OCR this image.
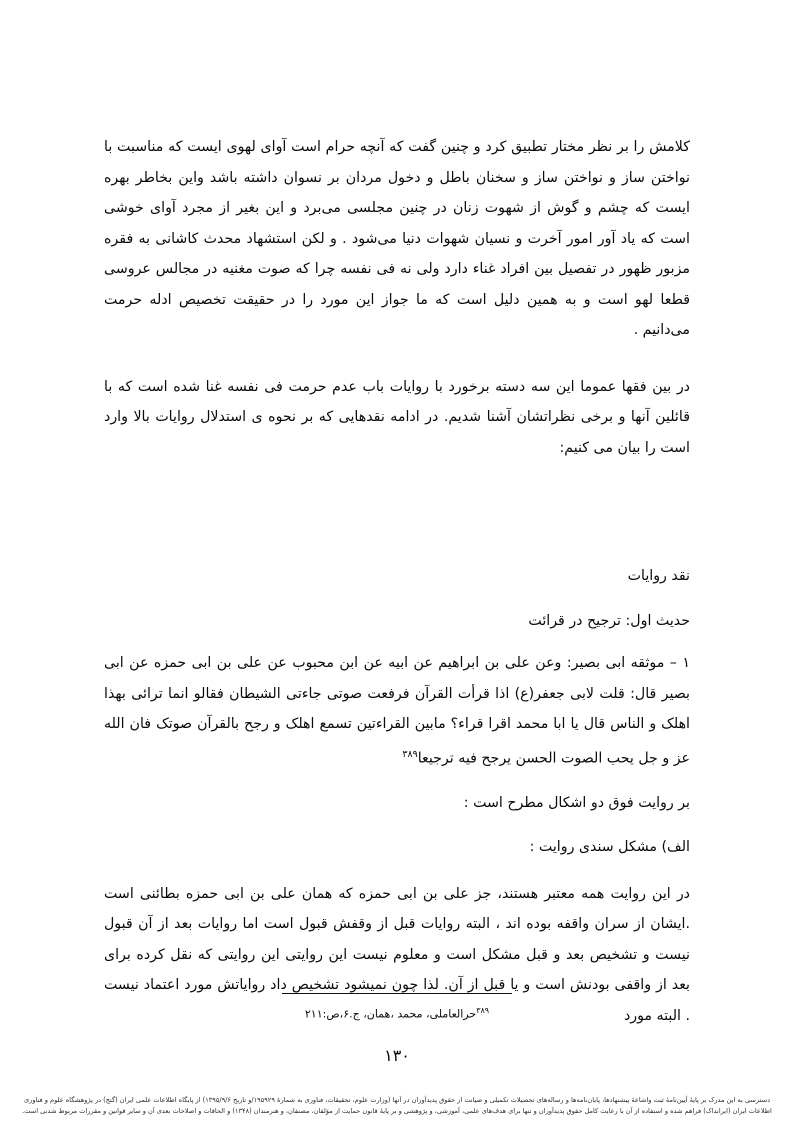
کلامش را بر نظر مختار تطبیق کرد و چنین گفت که آنچه حرام است آوای لهوی ایست که مناسبت با نواختن ساز و نواختن ساز و سخنان باطل و دخول مردان بر نسوان داشته باشد واین بخاطر بهره ایست که چشم و گوش از شهوت زنان در چنین مجلسی می‌برد و این بغیر از مجرد آوای خوشی است که یاد آور امور آخرت و نسیان شهوات دنیا می‌شود . و لکن استشهاد محدث کاشانی به فقره مزبور ظهور در تفصیل بین افراد غناء دارد ولی نه فی نفسه چرا که صوت مغنیه در مجالس عروسی قطعا لهو است و به همین دلیل است که ما جواز این مورد را در حقیقت تخصیص ادله حرمت می‌دانیم .

در بین فقها عموما این سه دسته برخورد با روایات باب عدم حرمت فی نفسه غنا شده است که با قائلین آنها و برخی نظراتشان آشنا شدیم. در ادامه نقدهایی که بر نحوه ی استدلال روایات بالا وارد است را بیان می کنیم:

نقد روایات

حدیث اول: ترجیح در قرائت

۱ – موثقه ابی بصیر: وعن علی بن ابراهیم عن ابیه عن ابن محبوب عن علی بن ابی حمزه عن ابی بصیر قال: قلت لابی جعفر(ع) اذا قرأت القرآن فرفعت صوتی جاءتی الشیطان فقالو انما ترائی بهذا اهلک و الناس قال یا ابا محمد اقرا قراء؟ مابین القراءتین تسمع اهلک و رجح بالقرآن صوتک فان الله عز و جل یحب الصوت الحسن یرجح فیه ترجیعا$^{۳۸۹}$

بر روایت فوق دو اشکال مطرح است :

الف) مشکل سندی روایت :

در این روایت همه معتبر هستند، جز علی بن ابی حمزه که همان علی بن ابی حمزه بطائنی است .ایشان از سران واقفه بوده اند ، البته روایات قبل از وقفش قبول است اما روایات بعد از آن قبول نیست و تشخیص بعد و قبل مشکل است و معلوم نیست این روایتی این روایتی که نقل کرده برای بعد از واقفی بودنش است و یا قبل از آن. لذا چون نمیشود تشخیص داد روایاتش مورد اعتماد نیست . البته مورد

$^{۳۸۹}$حرالعاملی، محمد ،همان، ج.۶،ص:۲۱۱
۱۳۰
دسترسی به این مدرک بر پایهٔ آیین‌نامهٔ ثبت واشاعهٔ پیشنهادها، پایان‌نامه‌ها و رساله‌های تحصیلات تکمیلی و صیانت از حقوق پدیدآوران در آنها (وزارت علوم، تحقیقات، فناوری به شمارهٔ ۱۹۵۹۲۹/و تاریخ ۱۳۹۵/۹/۶) از پایگاه اطلاعات علمی ایران (گنج) در پژوهشگاه علوم و فناوری
اطلاعات ایران (ایرانداک) فراهم شده و استفاده از آن با رعایت کامل حقوق پدیدآوران و تنها برای هدف‌های علمی، آموزشی، و پژوهشی و بر پایهٔ قانون حمایت از مؤلفان، مصنفان، و هنرمندان (۱۳۴۸) و الحاقات و اصلاحات بعدی آن و سایر قوانین و مقررات مربوط شدنی است.
